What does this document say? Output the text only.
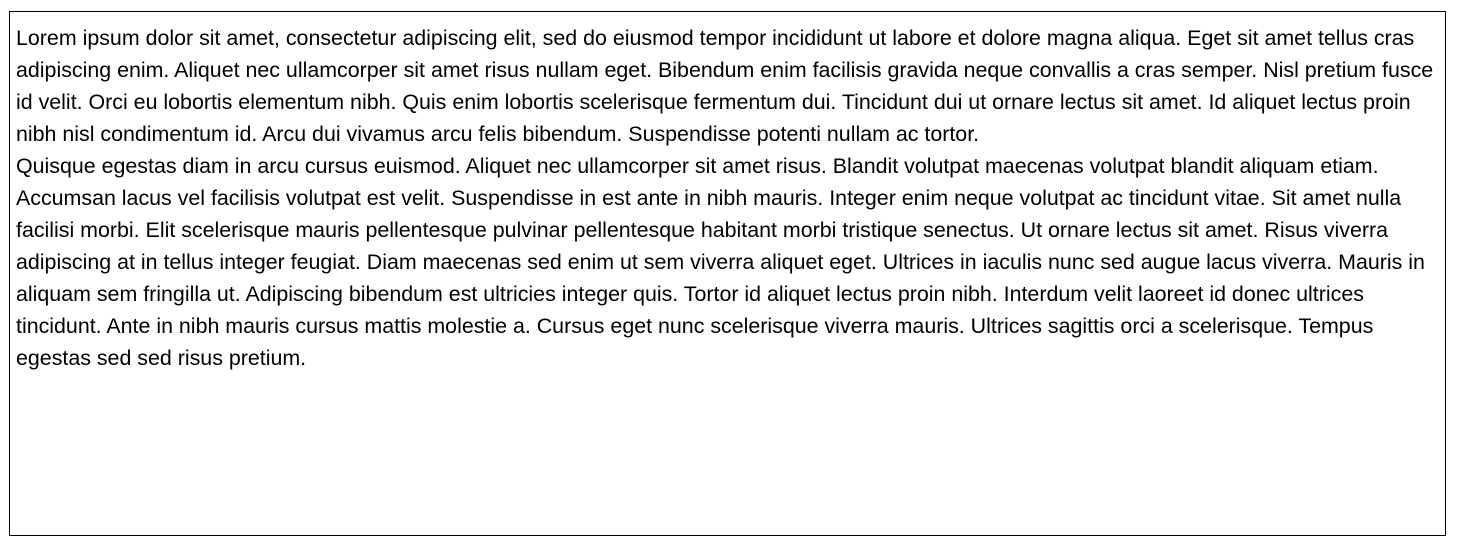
Lorem ipsum dolor sit amet, consectetur adipiscing elit, sed do eiusmod tempor incididunt ut labore et dolore magna aliqua. Eget sit amet tellus cras adipiscing enim. Aliquet nec ullamcorper sit amet risus nullam eget. Bibendum enim facilisis gravida neque convallis a cras semper. Nisl pretium fusce id velit. Orci eu lobortis elementum nibh. Quis enim lobortis scelerisque fermentum dui. Tincidunt dui ut ornare lectus sit amet. Id aliquet lectus proin nibh nisl condimentum id. Arcu dui vivamus arcu felis bibendum. Suspendisse potenti nullam ac tortor.

Quisque egestas diam in arcu cursus euismod. Aliquet nec ullamcorper sit amet risus. Blandit volutpat maecenas volutpat blandit aliquam etiam. Accumsan lacus vel facilisis volutpat est velit. Suspendisse in est ante in nibh mauris. Integer enim neque volutpat ac tincidunt vitae. Sit amet nulla facilisi morbi. Elit scelerisque mauris pellentesque pulvinar pellentesque habitant morbi tristique senectus. Ut ornare lectus sit amet. Risus viverra adipiscing at in tellus integer feugiat. Diam maecenas sed enim ut sem viverra aliquet eget. Ultrices in iaculis nunc sed augue lacus viverra. Mauris in aliquam sem fringilla ut. Adipiscing bibendum est ultricies integer quis. Tortor id aliquet lectus proin nibh. Interdum velit laoreet id donec ultrices tincidunt. Ante in nibh mauris cursus mattis molestie a. Cursus eget nunc scelerisque viverra mauris. Ultrices sagittis orci a scelerisque. Tempus egestas sed sed risus pretium.
